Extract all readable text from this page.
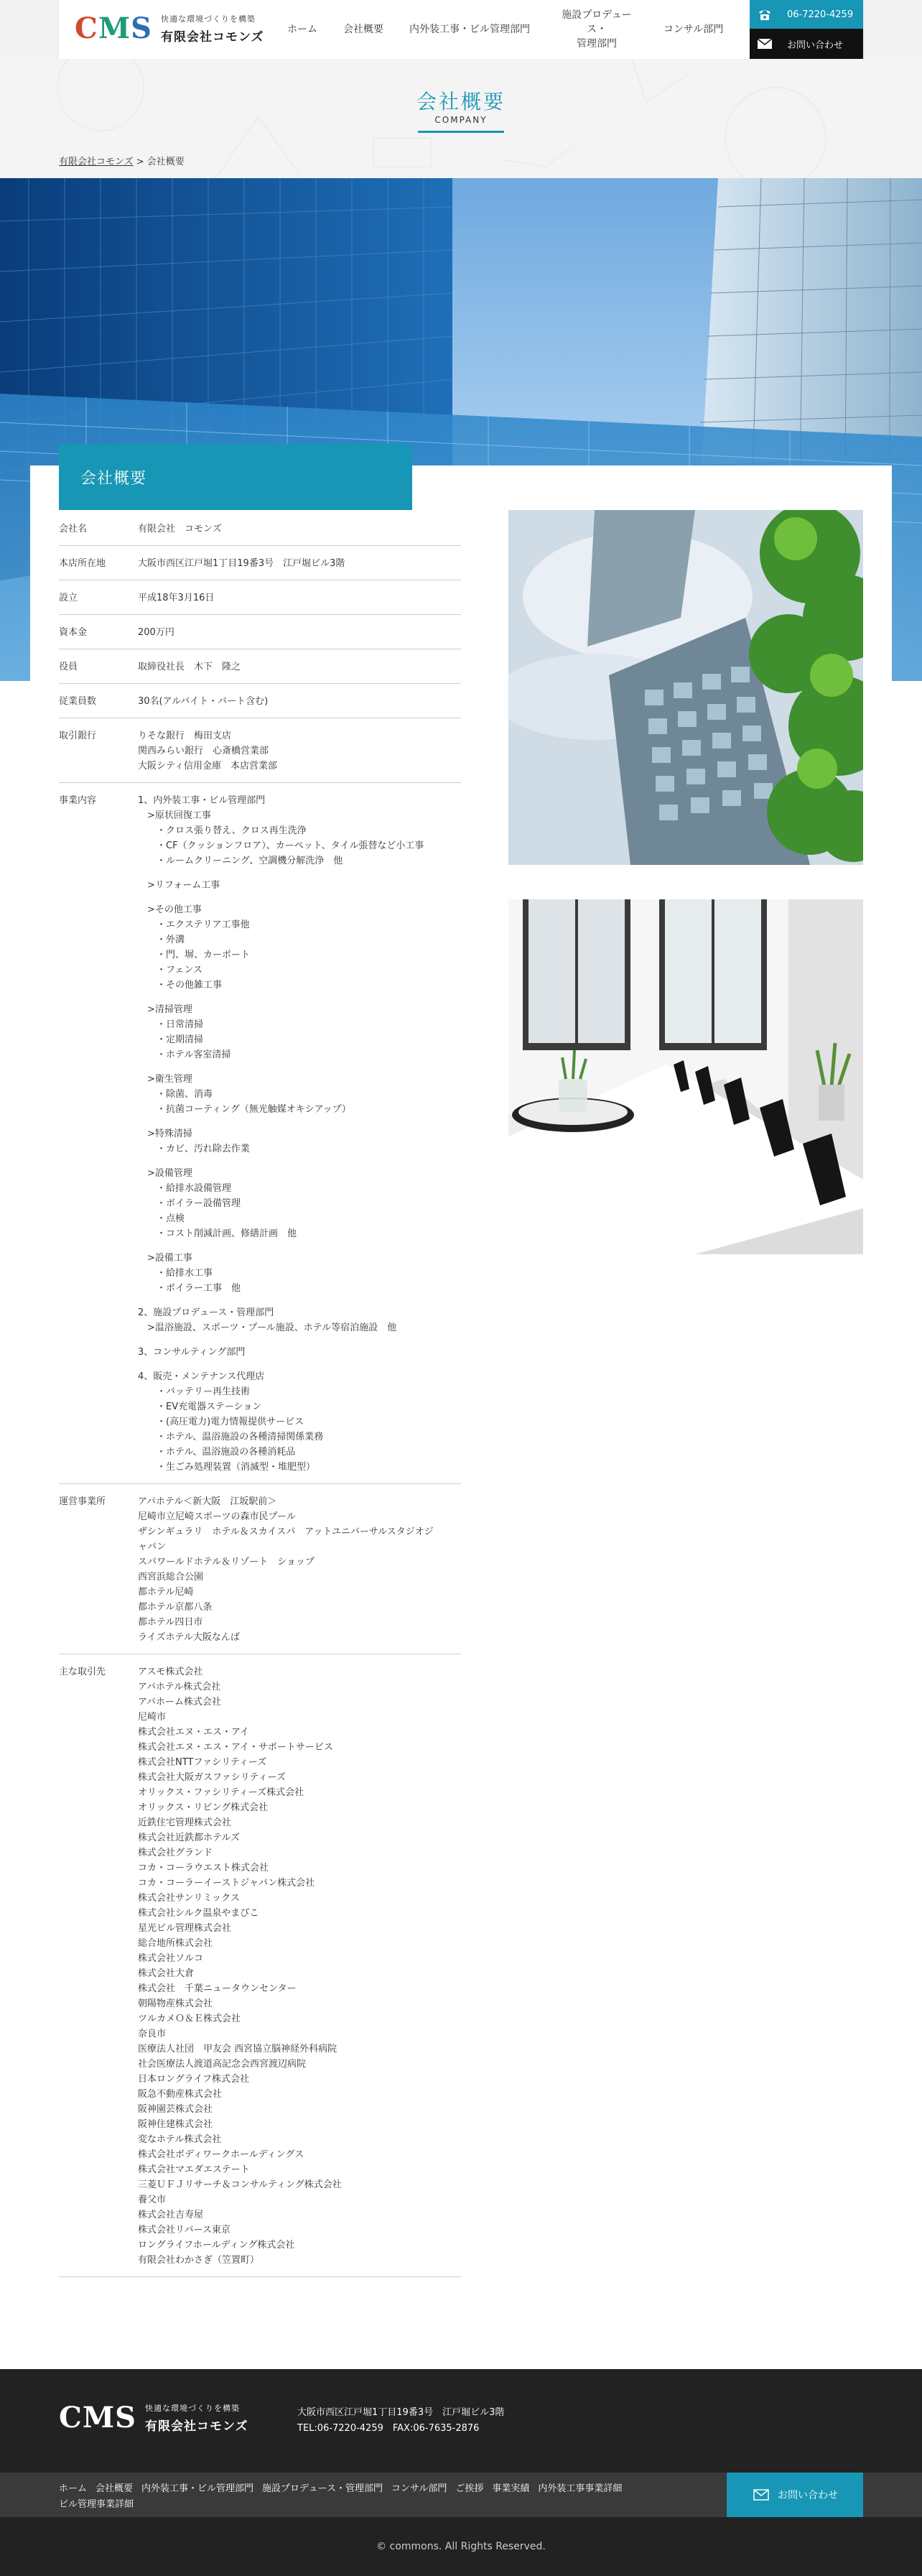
CMS 快適な環境づくりを構築
有限会社コモンズ
ホーム	会社概要	内外装工事・ビル管理部門
施設プロデュース・
管理部門
コンサル部門
06-7220-4259
お問い合わせ
会社概要
COMPANY
有限会社コモンズ > 会社概要
会社概要
会社名	有限会社　コモンズ
本店所在地	大阪市西区江戸堀1丁目19番3号　江戸堀ビル3階
設立	平成18年3月16日
資本金	200万円
役員	取締役社長　木下　隆之
従業員数	30名(アルバイト・パート含む)
取引銀行	りそな銀行　梅田支店
関西みらい銀行　心斎橋営業部
大阪シティ信用金庫　本店営業部
事業内容	1、内外装工事・ビル管理部門
　>原状回復工事
　　・クロス張り替え、クロス再生洗浄
　　・CF（クッションフロア）、カーペット、タイル張替など小工事
　　・ルームクリーニング、空調機分解洗浄　他
　>リフォーム工事
　>その他工事
　　・エクステリア工事他
　　・外溝
　　・門、塀、カーポート
　　・フェンス
　　・その他雑工事
　>清掃管理
　　・日常清掃
　　・定期清掃
　　・ホテル客室清掃
　>衛生管理
　　・除菌、消毒
　　・抗菌コーティング（無光触媒オキシアップ）
　>特殊清掃
　　・カビ、汚れ除去作業
　>設備管理
　　・給排水設備管理
　　・ボイラー設備管理
　　・点検
　　・コスト削減計画、修繕計画　他
　>設備工事
　　・給排水工事
　　・ボイラー工事　他
2、施設プロデュース・管理部門
　>温浴施設、スポーツ・プール施設、ホテル等宿泊施設　他
3、コンサルティング部門
4、販売・メンテナンス代理店
　　・バッテリー再生技術
　　・EV充電器ステーション
　　・(高圧電力)電力情報提供サービス
　　・ホテル、温浴施設の各種清掃関係業務
　　・ホテル、温浴施設の各種消耗品
　　・生ごみ処理装置（消滅型・堆肥型）
運営事業所	アパホテル＜新大阪　江坂駅前＞
尼崎市立尼崎スポーツの森市民プール
ザシンギュラリ　ホテル＆スカイスパ　アットユニバーサルスタジオジ
ャパン
スパワールドホテル＆リゾート　ショップ
西宮浜総合公園
都ホテル尼崎
都ホテル京都八条
都ホテル四日市
ライズホテル大阪なんば
主な取引先	アスモ株式会社
アパホテル株式会社
アパホーム株式会社
尼崎市
株式会社エヌ・エス・アイ
株式会社エヌ・エス・アイ・サポートサービス
株式会社NTTファシリティーズ
株式会社大阪ガスファシリティーズ
オリックス・ファシリティーズ株式会社
オリックス・リビング株式会社
近鉄住宅管理株式会社
株式会社近鉄都ホテルズ
株式会社グランド
コカ・コーラウエスト株式会社
コカ・コーラーイーストジャパン株式会社
株式会社サンリミックス
株式会社シルク温泉やまびこ
星光ビル管理株式会社
総合地所株式会社
株式会社ソルコ
株式会社大倉
株式会社　千葉ニュータウンセンター
朝陽物産株式会社
ツルカメＯ＆Ｅ株式会社
奈良市
医療法人社団　甲友会 西宮協立脳神経外科病院
社会医療法人渡道高記念会西宮渡辺病院
日本ロングライフ株式会社
阪急不動産株式会社
阪神園芸株式会社
阪神住建株式会社
変なホテル株式会社
株式会社ボディワークホールディングス
株式会社マエダエステート
三菱ＵＦＪリサーチ＆コンサルティング株式会社
養父市
株式会社吉寿屋
株式会社リバース東京
ロングライフホールディング株式会社
有限会社わかさぎ（笠置町）
CMS 快適な環境づくりを構築
有限会社コモンズ
大阪市西区江戸堀1丁目19番3号　江戸堀ビル3階
TEL:06-7220-4259　FAX:06-7635-2876
ホーム 会社概要 内外装工事・ビル管理部門 施設プロデュース・管理部門 コンサル部門 ご挨拶 事業実績 内外装工事事業詳細
ビル管理事業詳細
お問い合わせ
© commons. All Rights Reserved.
